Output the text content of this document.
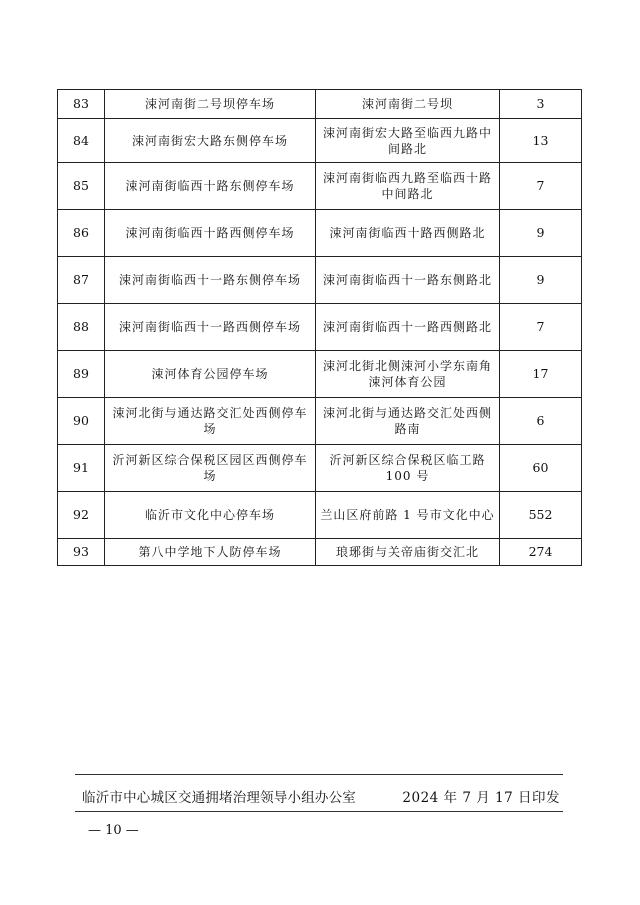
83	涑河南街二号坝停车场	涑河南街二号坝	3
84	涑河南街宏大路东侧停车场	涑河南街宏大路至临西九路中间路北	13
85	涑河南街临西十路东侧停车场	涑河南街临西九路至临西十路中间路北	7
86	涑河南街临西十路西侧停车场	涑河南街临西十路西侧路北	9
87	涑河南街临西十一路东侧停车场	涑河南街临西十一路东侧路北	9
88	涑河南街临西十一路西侧停车场	涑河南街临西十一路西侧路北	7
89	涑河体育公园停车场	涑河北街北侧涑河小学东南角涑河体育公园	17
90	涑河北街与通达路交汇处西侧停车场	涑河北街与通达路交汇处西侧路南	6
91	沂河新区综合保税区园区西侧停车场	沂河新区综合保税区临工路 100 号	60
92	临沂市文化中心停车场	兰山区府前路 1 号市文化中心	552
93	第八中学地下人防停车场	琅琊街与关帝庙街交汇北	274
临沂市中心城区交通拥堵治理领导小组办公室	2024 年 7 月 17 日印发
— 10 —
